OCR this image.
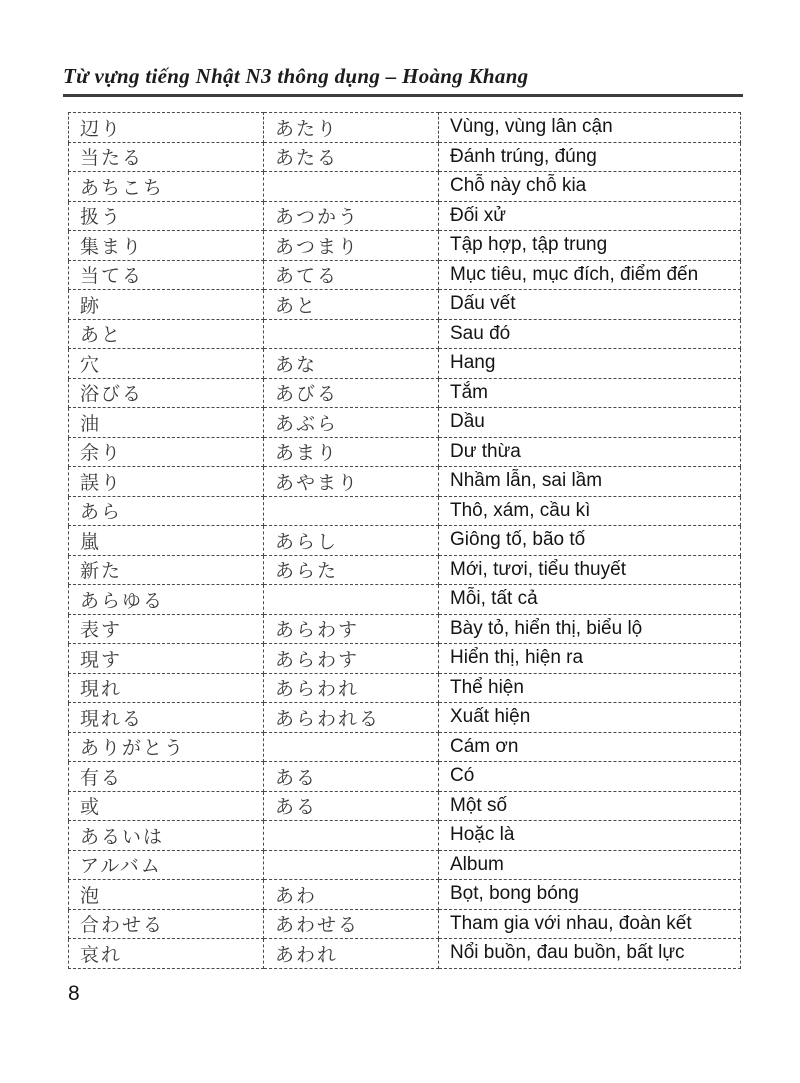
Từ vựng tiếng Nhật N3 thông dụng – Hoàng Khang
辺り	あたり	Vùng, vùng lân cận
当たる	あたる	Đánh trúng, đúng
あちこち		Chỗ này chỗ kia
扱う	あつかう	Đối xử
集まり	あつまり	Tập hợp, tập trung
当てる	あてる	Mục tiêu, mục đích, điểm đến
跡	あと	Dấu vết
あと		Sau đó
穴	あな	Hang
浴びる	あびる	Tắm
油	あぶら	Dầu
余り	あまり	Dư thừa
誤り	あやまり	Nhầm lẫn, sai lầm
あら		Thô, xám, cầu kì
嵐	あらし	Giông tố, bão tố
新た	あらた	Mới, tươi, tiểu thuyết
あらゆる		Mỗi, tất cả
表す	あらわす	Bày tỏ, hiển thị, biểu lộ
現す	あらわす	Hiển thị, hiện ra
現れ	あらわれ	Thể hiện
現れる	あらわれる	Xuất hiện
ありがとう		Cám ơn
有る	ある	Có
或	ある	Một số
あるいは		Hoặc là
アルバム		Album
泡	あわ	Bọt, bong bóng
合わせる	あわせる	Tham gia với nhau, đoàn kết
哀れ	あわれ	Nổi buồn, đau buồn, bất lực
8
